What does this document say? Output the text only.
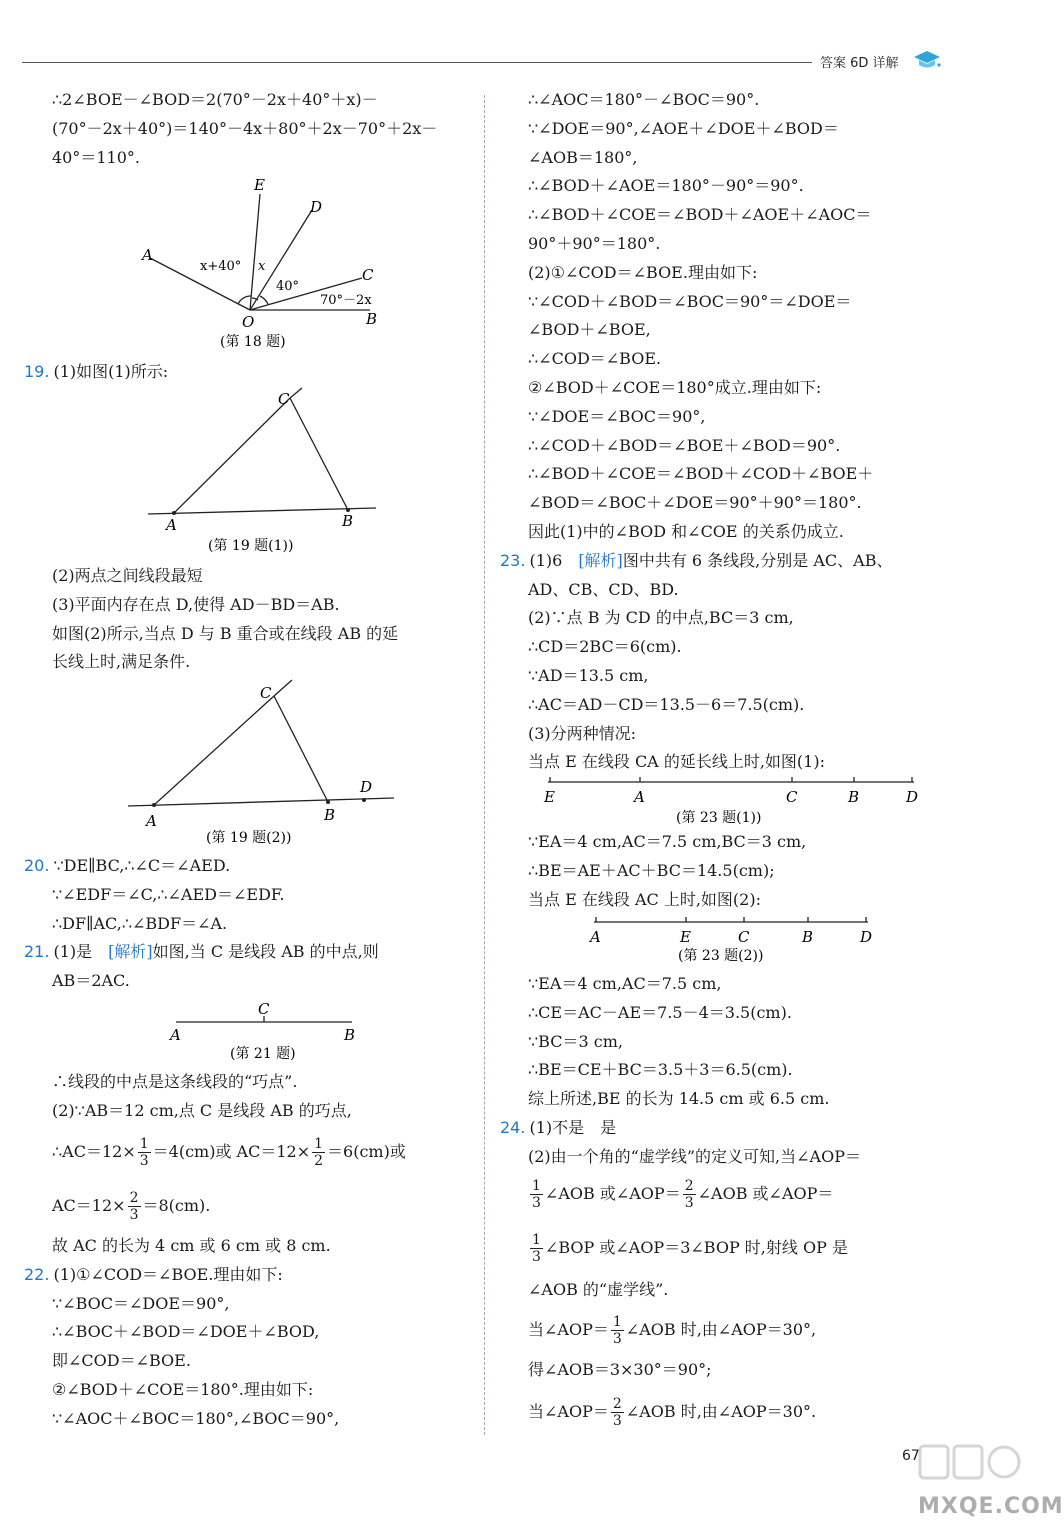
答案 6D 详解
∴2∠BOE－∠BOD＝2(70°－2x＋40°＋x)－
(70°－2x＋40°)＝140°－4x＋80°＋2x－70°＋2x－
40°＝110°.
E
D
A
C
O	B
x+40° x
40°
70°－2x
(第 18 题)
19. (1)如图(1)所示:
C
A	B
(第 19 题(1))
(2)两点之间线段最短
(3)平面内存在点 D,使得 AD－BD＝AB.
如图(2)所示,当点 D 与 B 重合或在线段 AB 的延
长线上时,满足条件.
C
A	B
D
(第 19 题(2))
20. ∵DE∥BC,∴∠C＝∠AED.
∵∠EDF＝∠C,∴∠AED＝∠EDF.
∴DF∥AC,∴∠BDF＝∠A.
21. (1)是　 [解析]如图,当 C 是线段 AB 的中点,则
AB＝2AC.
C
A	B
(第 21 题)
∴线段的中点是这条线段的“巧点”.
(2)∵AB＝12 cm,点 C 是线段 AB 的巧点,
∴AC＝12× $\frac{1}{3} =4(cm)$或 $AC=12\times \frac{1}{2} =6(cm)$或
$AC=12\times \frac{2}{3} =8(cm)$.
故 AC 的长为 4 cm 或 6 cm 或 8 cm.
22. (1)①∠COD＝∠BOE.理由如下:
∵∠BOC＝∠DOE＝90°,
∴∠BOC＋∠BOD＝∠DOE＋∠BOD,
即∠COD＝∠BOE.
②∠BOD＋∠COE＝180°.理由如下:
∵∠AOC＋∠BOC＝180°,∠BOC＝90°,
∴∠AOC＝180°－∠BOC＝90°.
∵∠DOE＝90°,∠AOE＋∠DOE＋∠BOD＝
∠AOB＝180°,
∴∠BOD＋∠AOE＝180°－90°＝90°.
∴∠BOD＋∠COE＝∠BOD＋∠AOE＋∠AOC＝
90°＋90°＝180°.
(2)①∠COD＝∠BOE.理由如下:
∵∠COD＋∠BOD＝∠BOC＝90°＝∠DOE＝
∠BOD＋∠BOE,
∴∠COD＝∠BOE.
②∠BOD＋∠COE＝180°成立.理由如下:
∵∠DOE＝∠BOC＝90°,
∴∠COD＋∠BOD＝∠BOE＋∠BOD＝90°.
∴∠BOD＋∠COE＝∠BOD＋∠COD＋∠BOE＋
∠BOD＝∠BOC＋∠DOE＝90°＋90°＝180°.
因此(1)中的∠BOD 和∠COE 的关系仍成立.
23. (1)6　 [解析]图中共有 6 条线段,分别是 AC、AB、
AD、CB、CD、BD.
(2)∵点 B 为 CD 的中点,BC＝3 cm,
∴CD＝2BC＝6(cm).
∵AD＝13.5 cm,
∴AC＝AD－CD＝13.5－6＝7.5(cm).
(3)分两种情况:
当点 E 在线段 CA 的延长线上时,如图(1):
E	A	C	B	D
(第 23 题(1))
∵EA＝4 cm,AC＝7.5 cm,BC＝3 cm,
∴BE＝AE＋AC＋BC＝14.5(cm);
当点 E 在线段 AC 上时,如图(2):
A	E	C	B	D
(第 23 题(2))
∵EA＝4 cm,AC＝7.5 cm,
∴CE＝AC－AE＝7.5－4＝3.5(cm).
∵BC＝3 cm,
∴BE＝CE＋BC＝3.5＋3＝6.5(cm).
综上所述,BE 的长为 14.5 cm 或 6.5 cm.
24. (1)不是　是
(2)由一个角的“虚学线”的定义可知,当∠AOP＝
$\frac{1}{3}$ ∠AOB 或∠AOP＝ $\frac{2}{3}$ ∠AOB 或∠AOP＝
$\frac{1}{3}$ ∠BOP 或∠AOP＝3∠BOP 时,射线 OP 是
∠AOB 的“虚学线”.
当∠AOP＝ $\frac{1}{3}$ ∠AOB 时,由∠AOP＝30°,
得∠AOB＝3×30°＝90°;
当∠AOP＝ $\frac{2}{3}$ ∠AOB 时,由∠AOP＝30°.
67
MXQE.COM
